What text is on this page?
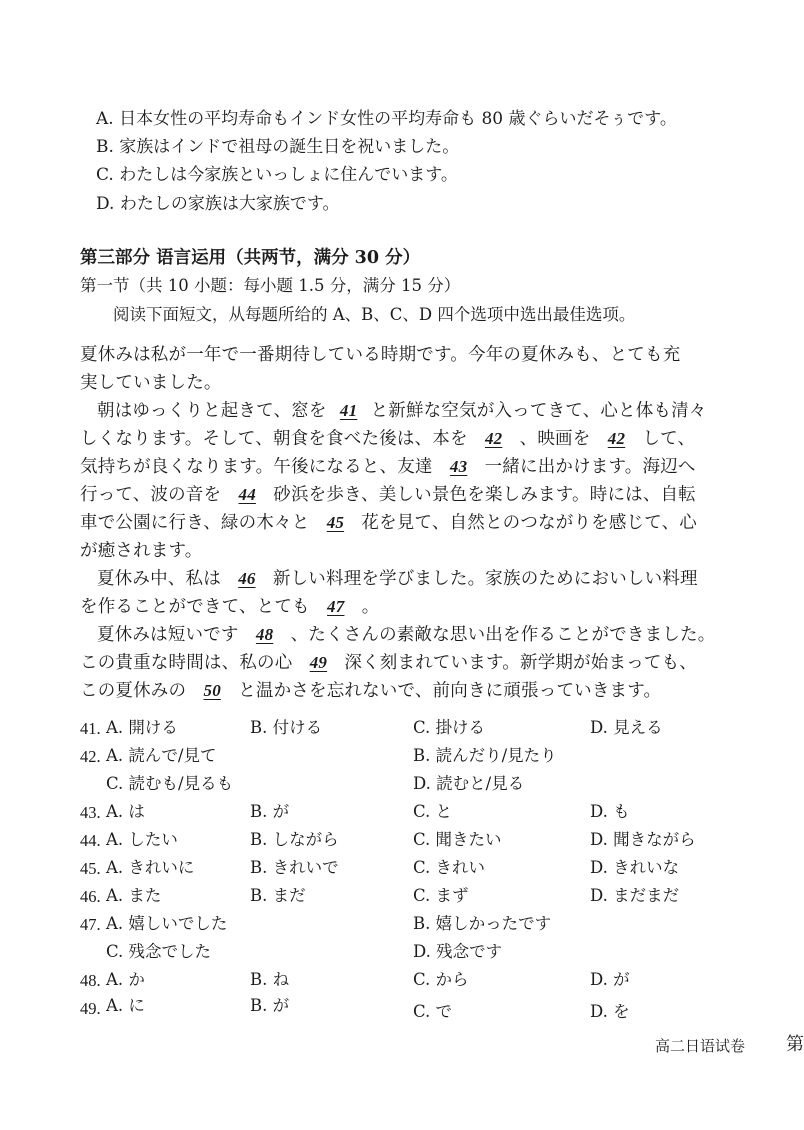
A. 日本女性の平均寿命もインド女性の平均寿命も 80 歳ぐらいだそぅです。
B. 家族はインドで祖母の誕生日を祝いました。
C. わたしは今家族といっしょに住んでいます。
D. わたしの家族は大家族です。
第三部分 语言运用（共两节，满分 30 分）
第一节（共 10 小题：每小题 1.5 分，满分 15 分）
阅读下面短文，从每题所给的 A、B、C、D 四个选项中选出最佳选项。
夏休みは私が一年で一番期待している時期です。今年の夏休みも、とても充
実していました。
朝はゆっくりと起きて、窓を 41 と新鮮な空気が入ってきて、心と体も清々
しくなります。そして、朝食を食べた後は、本を 42 、映画を 42 して、
気持ちが良くなります。午後になると、友達 43 一緒に出かけます。海辺へ
行って、波の音を 44 砂浜を歩き、美しい景色を楽しみます。時には、自転
車で公園に行き、緑の木々と 45 花を見て、自然とのつながりを感じて、心
が癒されます。
夏休み中、私は 46 新しい料理を学びました。家族のためにおいしい料理
を作ることができて、とても 47 。
夏休みは短いです 48 、たくさんの素敵な思い出を作ることができました。
この貴重な時間は、私の心 49 深く刻まれています。新学期が始まっても、
この夏休みの 50 と温かさを忘れないで、前向きに頑張っていきます。
41. A. 開ける	B. 付ける	C. 掛ける	D. 見える
42. A. 読んで/見て	B. 読んだり/見たり
C. 読むも/見るも	D. 読むと/見る
43. A. は	B. が	C. と	D. も
44. A. したい	B. しながら	C. 聞きたい	D. 聞きながら
45. A. きれいに	B. きれいで	C. きれい	D. きれいな
46. A. また	B. まだ	C. まず	D. まだまだ
47. A. 嬉しいでした	B. 嬉しかったです
C. 残念でした	D. 残念です
48. A. か	B. ね	C. から	D. が
49. A. に	B. が	C. で	D. を
高二日语试卷 第
